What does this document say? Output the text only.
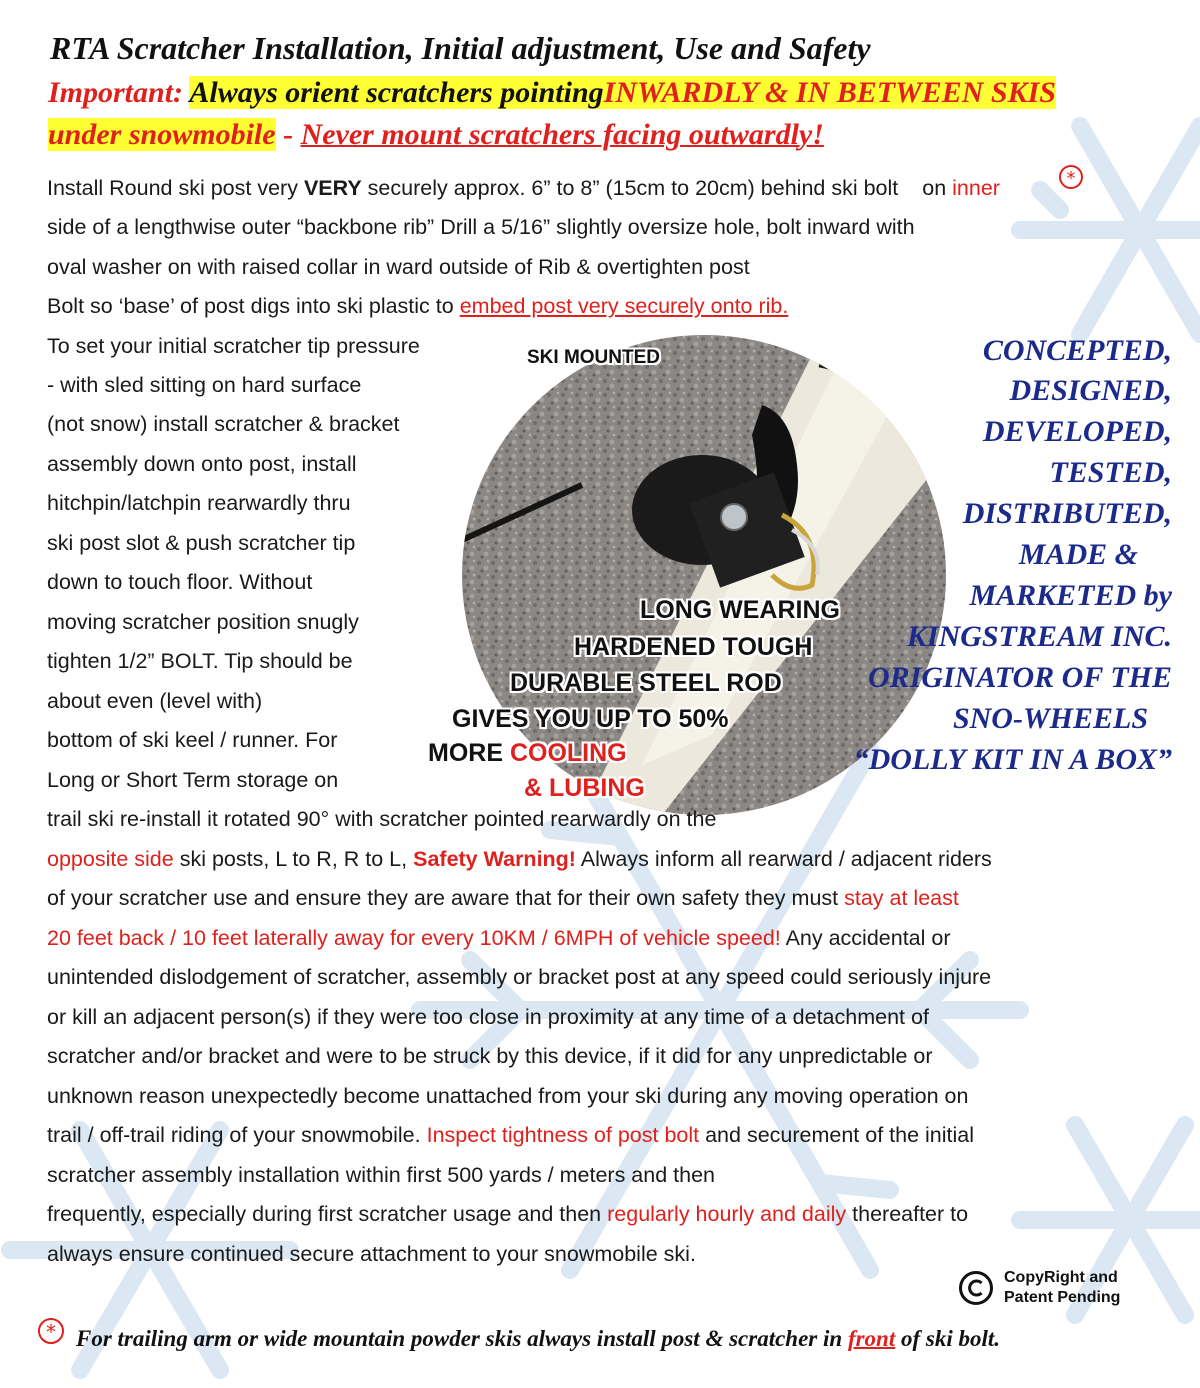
RTA Scratcher Installation, Initial adjustment, Use and Safety
Important: Always orient scratchers pointingINWARDLY & IN BETWEEN SKIS
under snowmobile - Never mount scratchers facing outwardly!
Install Round ski post very VERY securely approx. 6” to 8” (15cm to 20cm) behind ski bolt on inner	*
side of a lengthwise outer “backbone rib” Drill a 5/16” slightly oversize hole, bolt inward with
oval washer on with raised collar in ward outside of Rib & overtighten post
Bolt so ‘base’ of post digs into ski plastic to embed post very securely onto rib.
To set your initial scratcher tip pressure
- with sled sitting on hard surface
(not snow) install scratcher & bracket
assembly down onto post, install
hitchpin/latchpin rearwardly thru
ski post slot & push scratcher tip
down to touch floor. Without
moving scratcher position snugly
tighten 1/2” BOLT. Tip should be
about even (level with)
bottom of ski keel / runner. For
Long or Short Term storage on
SKI MOUNTED
LONG WEARING
HARDENED TOUGH
DURABLE STEEL ROD
GIVES YOU UP TO 50%
MORE COOLING
& LUBING
CONCEPTED,
DESIGNED,
DEVELOPED,
TESTED,
DISTRIBUTED,
MADE &
MARKETED by
KINGSTREAM INC.
ORIGINATOR OF THE
SNO-WHEELS
“DOLLY KIT IN A BOX”
trail ski re-install it rotated 90° with scratcher pointed rearwardly on the
opposite side ski posts, L to R, R to L, Safety Warning! Always inform all rearward / adjacent riders
of your scratcher use and ensure they are aware that for their own safety they must stay at least
20 feet back / 10 feet laterally away for every 10KM / 6MPH of vehicle speed! Any accidental or
unintended dislodgement of scratcher, assembly or bracket post at any speed could seriously injure
or kill an adjacent person(s) if they were too close in proximity at any time of a detachment of
scratcher and/or bracket and were to be struck by this device, if it did for any unpredictable or
unknown reason unexpectedly become unattached from your ski during any moving operation on
trail / off-trail riding of your snowmobile. Inspect tightness of post bolt and securement of the initial
scratcher assembly installation within first 500 yards / meters and then
frequently, especially during first scratcher usage and then regularly hourly and daily thereafter to
always ensure continued secure attachment to your snowmobile ski.
CopyRight and
Patent Pending
* For trailing arm or wide mountain powder skis always install post & scratcher in front of ski bolt.
